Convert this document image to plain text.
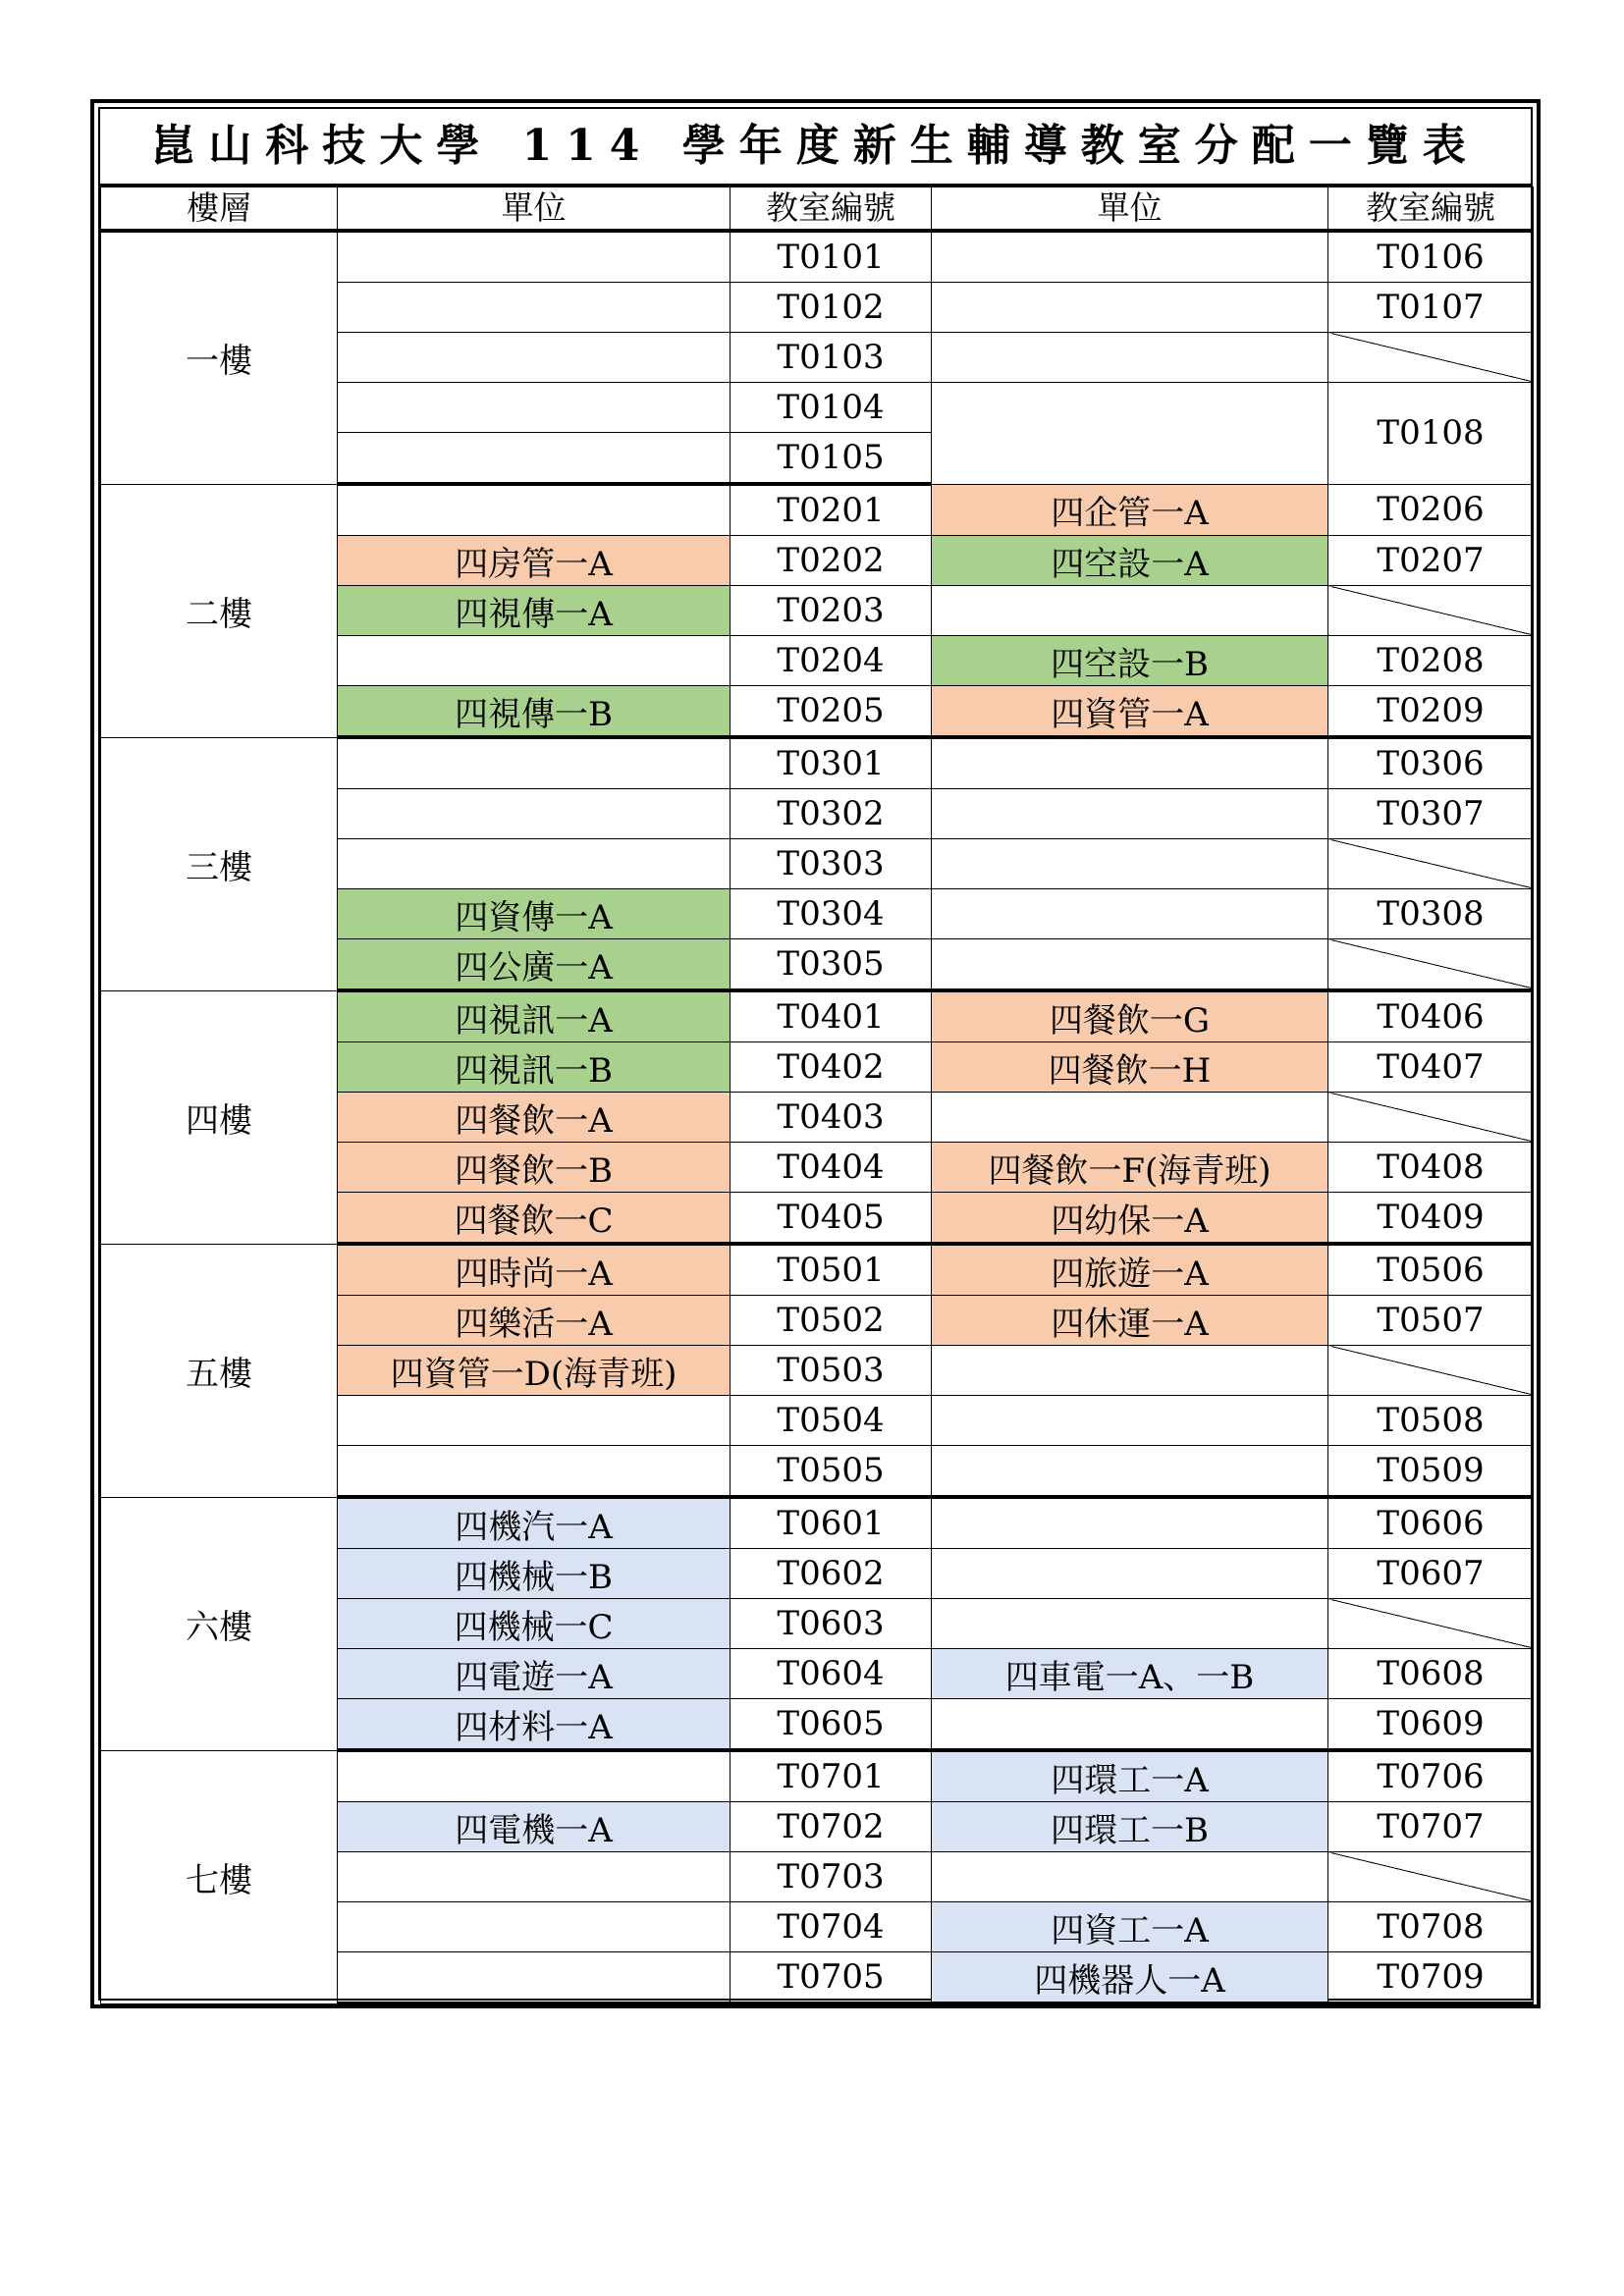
崑山科技大學 114 學年度新生輔導教室分配一覽表
樓層	單位	教室編號	單位	教室編號
一樓		T0101		T0106
		T0102		T0107
		T0103		
		T0104		T0108
		T0105		
二樓		T0201	四企管一A	T0206
	四房管一A	T0202	四空設一A	T0207
	四視傳一A	T0203		
		T0204	四空設一B	T0208
	四視傳一B	T0205	四資管一A	T0209
三樓		T0301		T0306
		T0302		T0307
		T0303		
	四資傳一A	T0304		T0308
	四公廣一A	T0305		
四樓	四視訊一A	T0401	四餐飲一G	T0406
	四視訊一B	T0402	四餐飲一H	T0407
	四餐飲一A	T0403		
	四餐飲一B	T0404	四餐飲一F(海青班)	T0408
	四餐飲一C	T0405	四幼保一A	T0409
五樓	四時尚一A	T0501	四旅遊一A	T0506
	四樂活一A	T0502	四休運一A	T0507
	四資管一D(海青班)	T0503		
		T0504		T0508
		T0505		T0509
六樓	四機汽一A	T0601		T0606
	四機械一B	T0602		T0607
	四機械一C	T0603		
	四電遊一A	T0604	四車電一A、一B	T0608
	四材料一A	T0605		T0609
七樓		T0701	四環工一A	T0706
	四電機一A	T0702	四環工一B	T0707
		T0703		
		T0704	四資工一A	T0708
		T0705	四機器人一A	T0709
